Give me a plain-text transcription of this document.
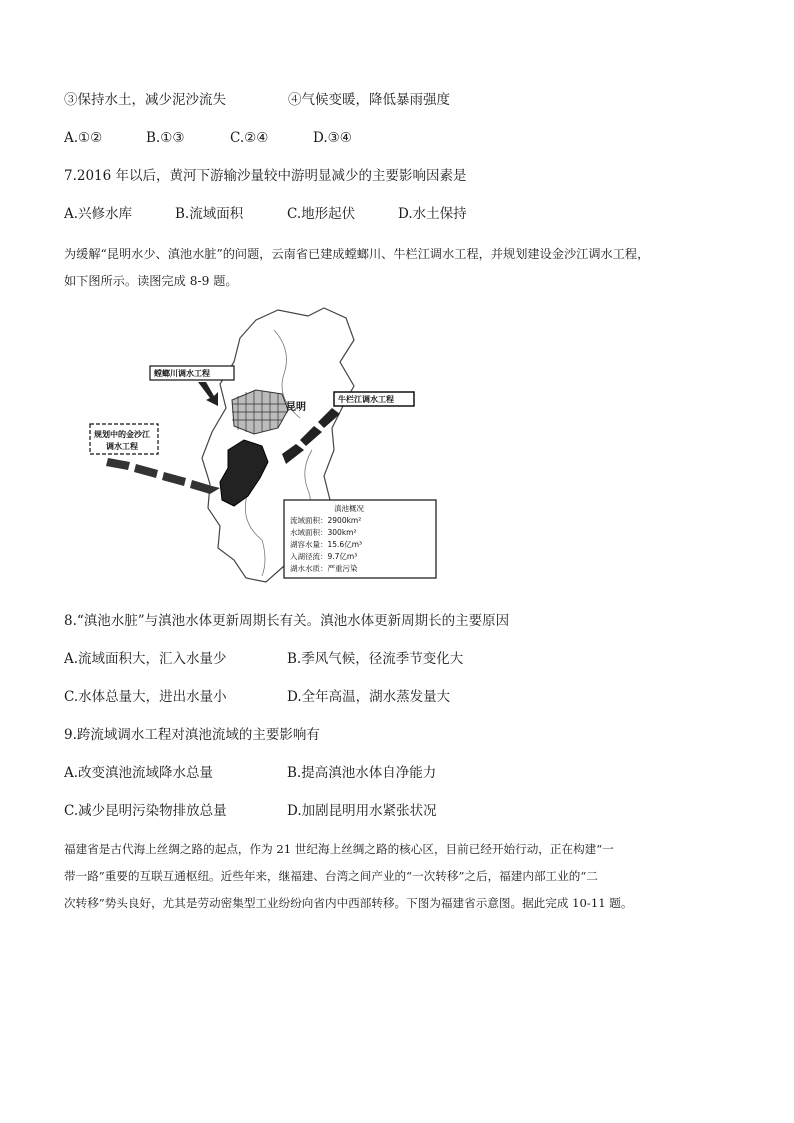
③保持水土，减少泥沙流失	④气候变暖，降低暴雨强度
A.①②	B.①③	C.②④	D.③④
7.2016 年以后，黄河下游输沙量较中游明显减少的主要影响因素是
A.兴修水库	B.流域面积	C.地形起伏	D.水土保持
为缓解“昆明水少、滇池水脏”的问题，云南省已建成螳螂川、牛栏江调水工程，并规划建设金沙江调水工程，
如下图所示。读图完成 8-9 题。
昆明
螳螂川调水工程
牛栏江调水工程
规划中的金沙江
调水工程
滇池概况
流域面积：2900km²
水域面积：300km²
湖容水量：15.6亿m³
入湖径流：9.7亿m³
湖水水质：严重污染
8.“滇池水脏”与滇池水体更新周期长有关。滇池水体更新周期长的主要原因
A.流域面积大，汇入水量少	B.季风气候，径流季节变化大
C.水体总量大，进出水量小	D.全年高温，湖水蒸发量大
9.跨流域调水工程对滇池流域的主要影响有
A.改变滇池流域降水总量	B.提高滇池水体自净能力
C.减少昆明污染物排放总量	D.加剧昆明用水紧张状况
福建省是古代海上丝绸之路的起点，作为 21 世纪海上丝绸之路的核心区，目前已经开始行动，正在构建“一
带一路”重要的互联互通枢纽。近些年来，继福建、台湾之间产业的“一次转移”之后，福建内部工业的“二
次转移”势头良好，尤其是劳动密集型工业纷纷向省内中西部转移。下图为福建省示意图。据此完成 10-11 题。
